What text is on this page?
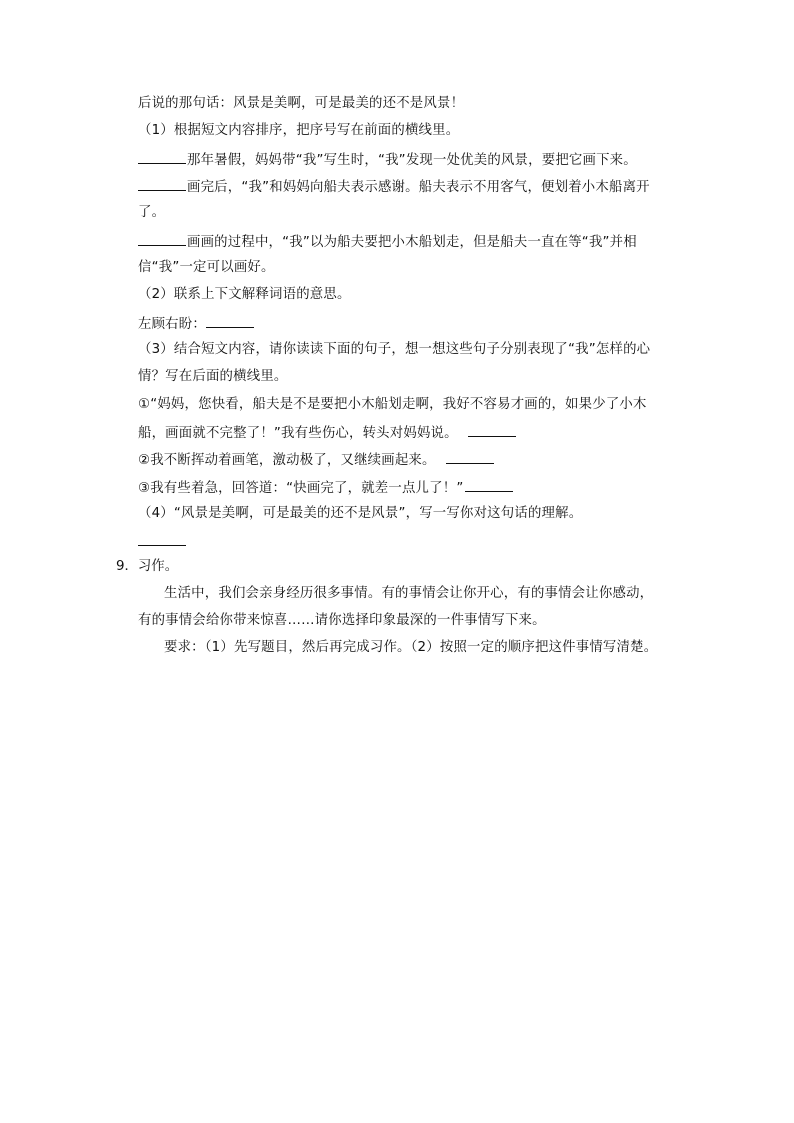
后说的那句话：风景是美啊，可是最美的还不是风景！
（1）根据短文内容排序，把序号写在前面的横线里。
那年暑假，妈妈带“我”写生时，“我”发现一处优美的风景，要把它画下来。
画完后，“我”和妈妈向船夫表示感谢。船夫表示不用客气，便划着小木船离开
了。
画画的过程中，“我”以为船夫要把小木船划走，但是船夫一直在等“我”并相
信“我”一定可以画好。
（2）联系上下文解释词语的意思。
左顾右盼：
（3）结合短文内容，请你读读下面的句子，想一想这些句子分别表现了“我”怎样的心
情？写在后面的横线里。
①“妈妈，您快看，船夫是不是要把小木船划走啊，我好不容易才画的，如果少了小木
船，画面就不完整了！”我有些伤心，转头对妈妈说。
②我不断挥动着画笔，激动极了，又继续画起来。
③我有些着急，回答道：“快画完了，就差一点儿了！”
（4）“风景是美啊，可是最美的还不是风景”，写一写你对这句话的理解。
9．习作。
生活中，我们会亲身经历很多事情。有的事情会让你开心，有的事情会让你感动，
有的事情会给你带来惊喜……请你选择印象最深的一件事情写下来。
要求：（1）先写题目，然后再完成习作。（2）按照一定的顺序把这件事情写清楚。
